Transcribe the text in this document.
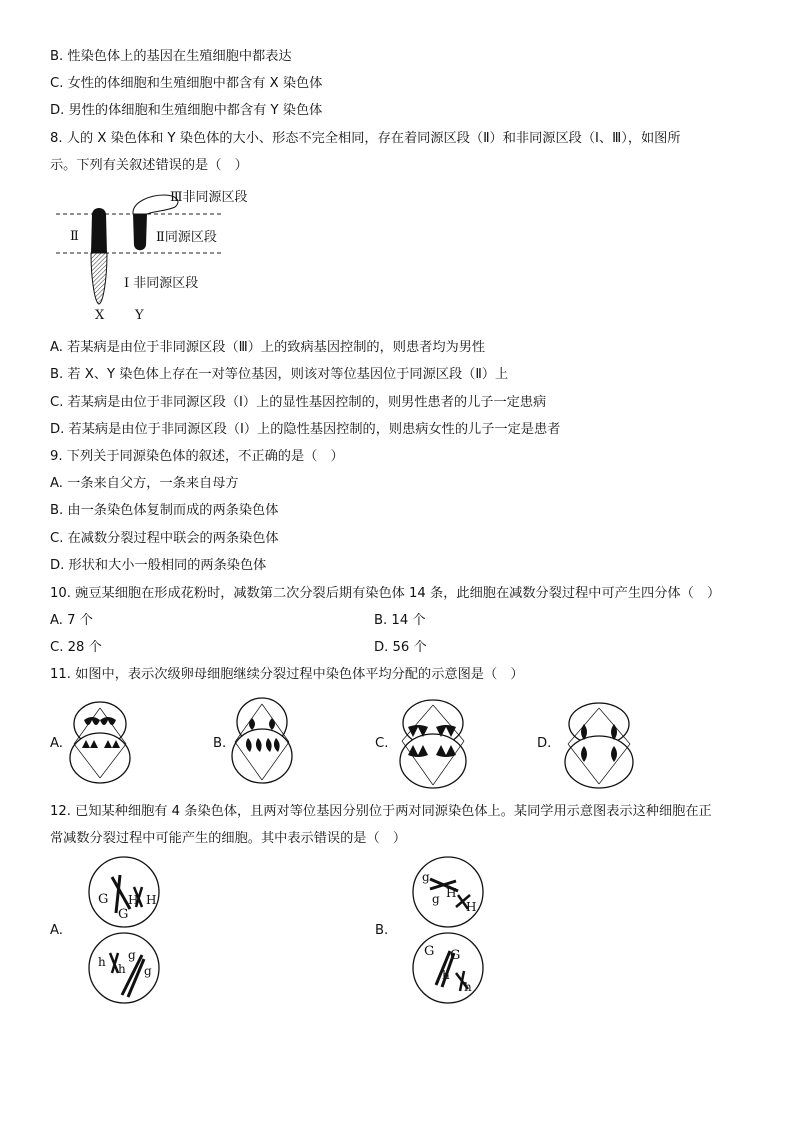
B. 性染色体上的基因在生殖细胞中都表达
C. 女性的体细胞和生殖细胞中都含有 X 染色体
D. 男性的体细胞和生殖细胞中都含有 Y 染色体
8. 人的 X 染色体和 Y 染色体的大小、形态不完全相同，存在着同源区段（Ⅱ）和非同源区段（Ⅰ、Ⅲ），如图所
示。下列有关叙述错误的是（　）
Ⅲ非同源区段
Ⅱ	Ⅱ同源区段
Ⅰ 非同源区段
X Y
A. 若某病是由位于非同源区段（Ⅲ）上的致病基因控制的，则患者均为男性
B. 若 X、Y 染色体上存在一对等位基因，则该对等位基因位于同源区段（Ⅱ）上
C. 若某病是由位于非同源区段（Ⅰ）上的显性基因控制的，则男性患者的儿子一定患病
D. 若某病是由位于非同源区段（Ⅰ）上的隐性基因控制的，则患病女性的儿子一定是患者
9. 下列关于同源染色体的叙述，不正确的是（　）
A. 一条来自父方，一条来自母方
B. 由一条染色体复制而成的两条染色体
C. 在减数分裂过程中联会的两条染色体
D. 形状和大小一般相同的两条染色体
10. 豌豆某细胞在形成花粉时，减数第二次分裂后期有染色体 14 条，此细胞在减数分裂过程中可产生四分体（　）
A. 7 个	B. 14 个
C. 28 个	D. 56 个
11. 如图中，表示次级卵母细胞继续分裂过程中染色体平均分配的示意图是（　）
A.	B.	C.	D.
12. 已知某种细胞有 4 条染色体，且两对等位基因分别位于两对同源染色体上。某同学用示意图表示这种细胞在正
常减数分裂过程中可能产生的细胞。其中表示错误的是（　）
A.
G
G
H H
h h
g
g
B.
g
g H
H
G G
h
h
